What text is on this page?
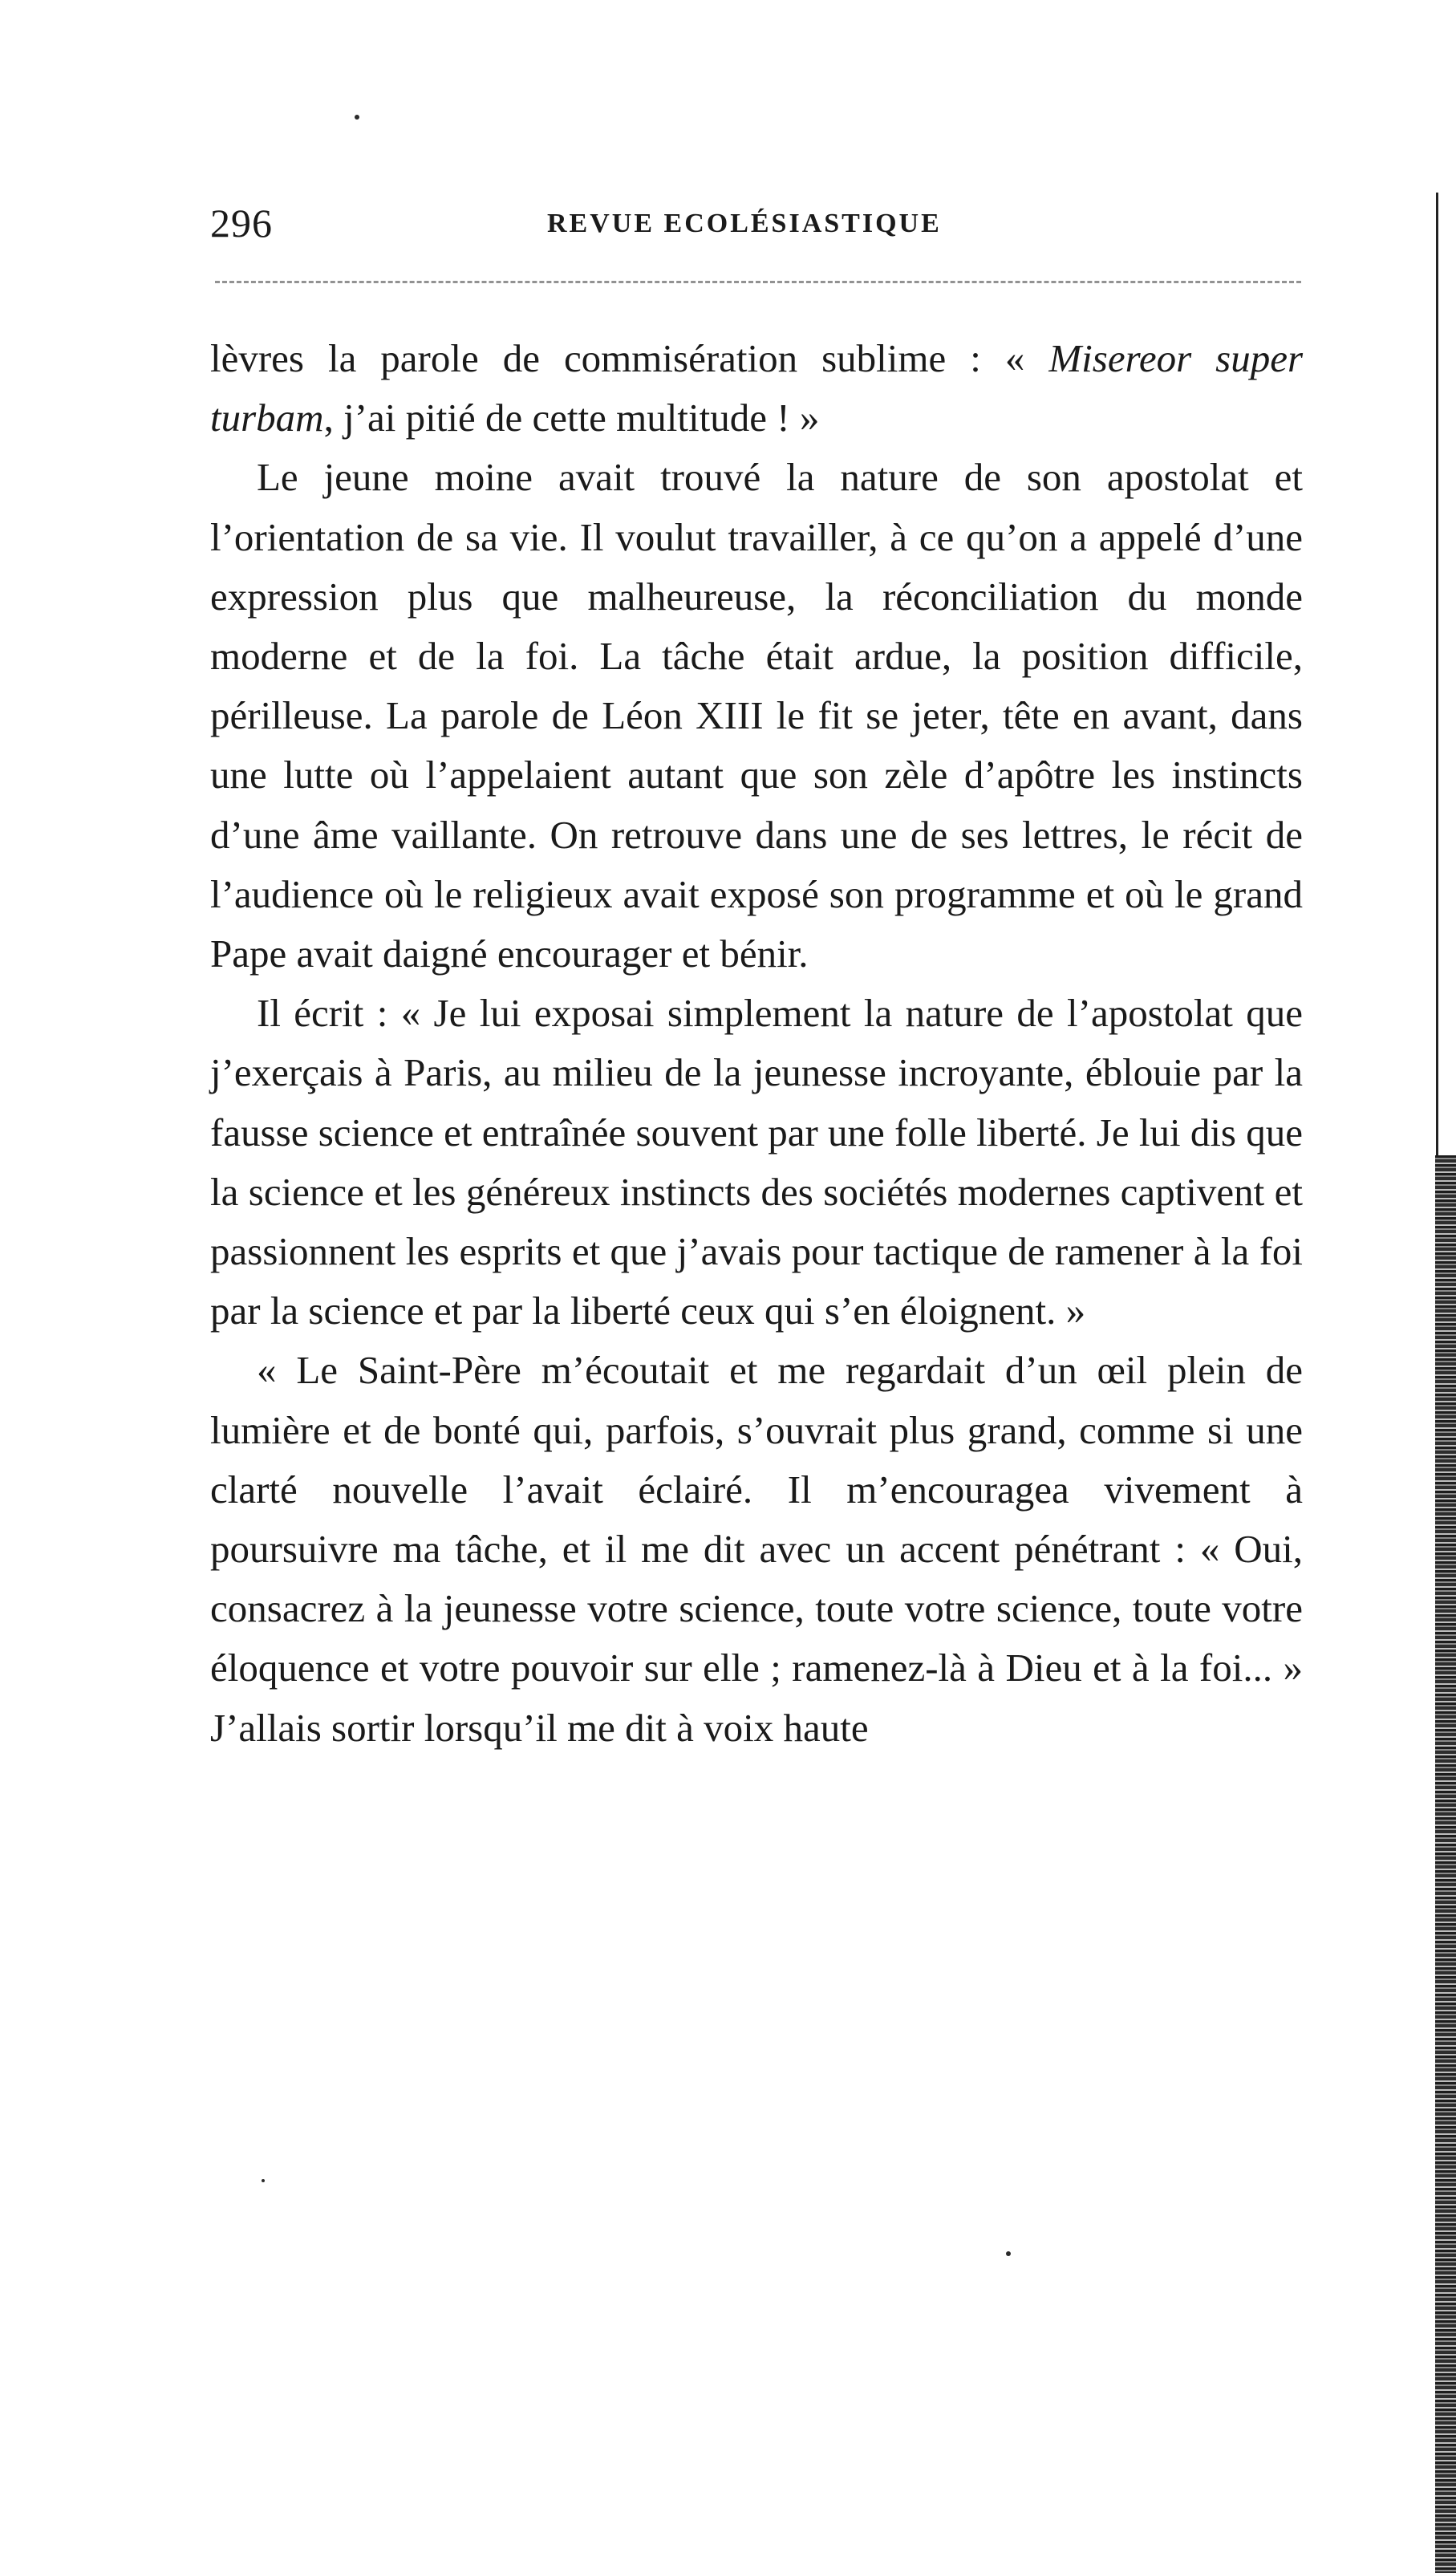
296	REVUE ECOLÉSIASTIQUE

lèvres la parole de commisération sublime : « Misereor super turbam, j’ai pitié de cette multitude ! »

Le jeune moine avait trouvé la nature de son apostolat et l’orientation de sa vie. Il voulut travailler, à ce qu’on a appelé d’une expression plus que malheureuse, la réconciliation du monde moderne et de la foi. La tâche était ardue, la position difficile, périlleuse. La parole de Léon XIII le fit se jeter, tête en avant, dans une lutte où l’appelaient autant que son zèle d’apôtre les instincts d’une âme vaillante. On retrouve dans une de ses lettres, le récit de l’audience où le religieux avait exposé son programme et où le grand Pape avait daigné encourager et bénir.

Il écrit : « Je lui exposai simplement la nature de l’apostolat que j’exerçais à Paris, au milieu de la jeunesse incroyante, éblouie par la fausse science et entraînée souvent par une folle liberté. Je lui dis que la science et les généreux instincts des sociétés modernes captivent et passionnent les esprits et que j’avais pour tactique de ramener à la foi par la science et par la liberté ceux qui s’en éloignent. »

« Le Saint-Père m’écoutait et me regardait d’un œil plein de lumière et de bonté qui, parfois, s’ouvrait plus grand, comme si une clarté nouvelle l’avait éclairé. Il m’encouragea vivement à poursuivre ma tâche, et il me dit avec un accent pénétrant : « Oui, consacrez à la jeunesse votre science, toute votre science, toute votre éloquence et votre pouvoir sur elle ; ramenez-là à Dieu et à la foi... » J’allais sortir lorsqu’il me dit à voix haute
